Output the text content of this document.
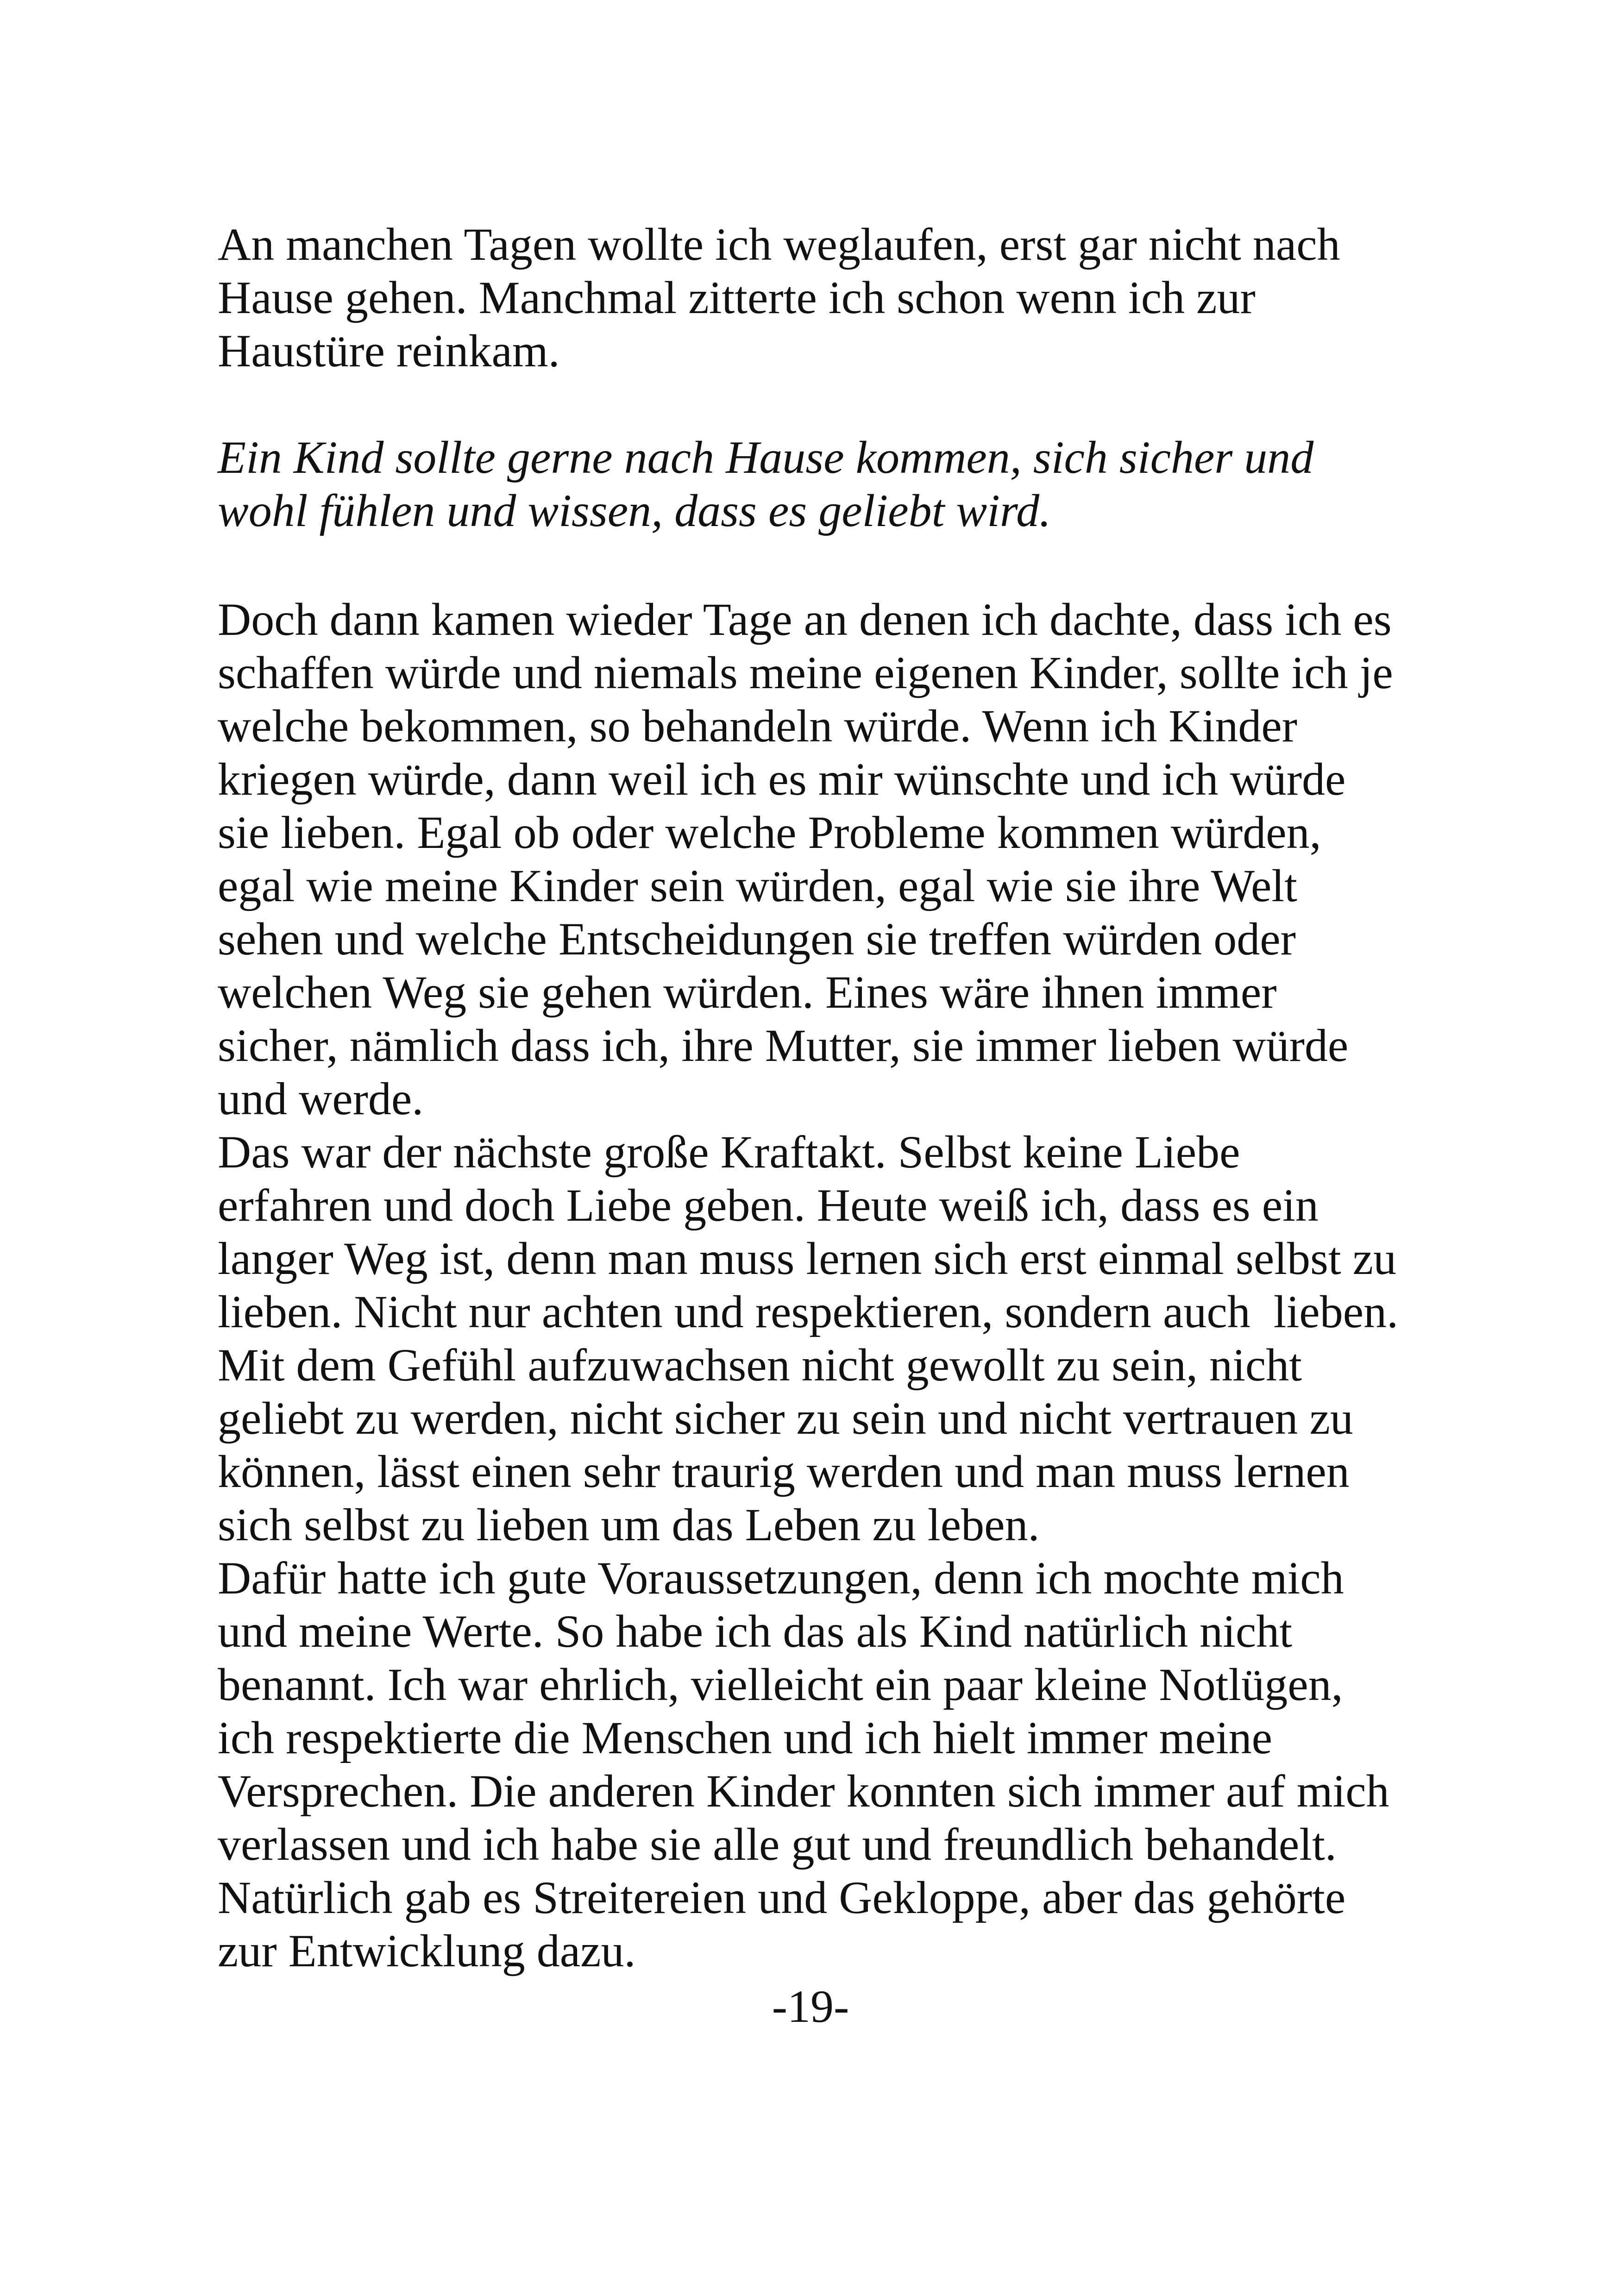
An manchen Tagen wollte ich weglaufen, erst gar nicht nach
Hause gehen. Manchmal zitterte ich schon wenn ich zur
Haustüre reinkam.

Ein Kind sollte gerne nach Hause kommen, sich sicher und
wohl fühlen und wissen, dass es geliebt wird.

Doch dann kamen wieder Tage an denen ich dachte, dass ich es
schaffen würde und niemals meine eigenen Kinder, sollte ich je
welche bekommen, so behandeln würde. Wenn ich Kinder
kriegen würde, dann weil ich es mir wünschte und ich würde
sie lieben. Egal ob oder welche Probleme kommen würden,
egal wie meine Kinder sein würden, egal wie sie ihre Welt
sehen und welche Entscheidungen sie treffen würden oder
welchen Weg sie gehen würden. Eines wäre ihnen immer
sicher, nämlich dass ich, ihre Mutter, sie immer lieben würde
und werde.
Das war der nächste große Kraftakt. Selbst keine Liebe
erfahren und doch Liebe geben. Heute weiß ich, dass es ein
langer Weg ist, denn man muss lernen sich erst einmal selbst zu
lieben. Nicht nur achten und respektieren, sondern auch  lieben.
Mit dem Gefühl aufzuwachsen nicht gewollt zu sein, nicht
geliebt zu werden, nicht sicher zu sein und nicht vertrauen zu
können, lässt einen sehr traurig werden und man muss lernen
sich selbst zu lieben um das Leben zu leben.
Dafür hatte ich gute Voraussetzungen, denn ich mochte mich
und meine Werte. So habe ich das als Kind natürlich nicht
benannt. Ich war ehrlich, vielleicht ein paar kleine Notlügen,
ich respektierte die Menschen und ich hielt immer meine
Versprechen. Die anderen Kinder konnten sich immer auf mich
verlassen und ich habe sie alle gut und freundlich behandelt.
Natürlich gab es Streitereien und Gekloppe, aber das gehörte
zur Entwicklung dazu.

-19-
